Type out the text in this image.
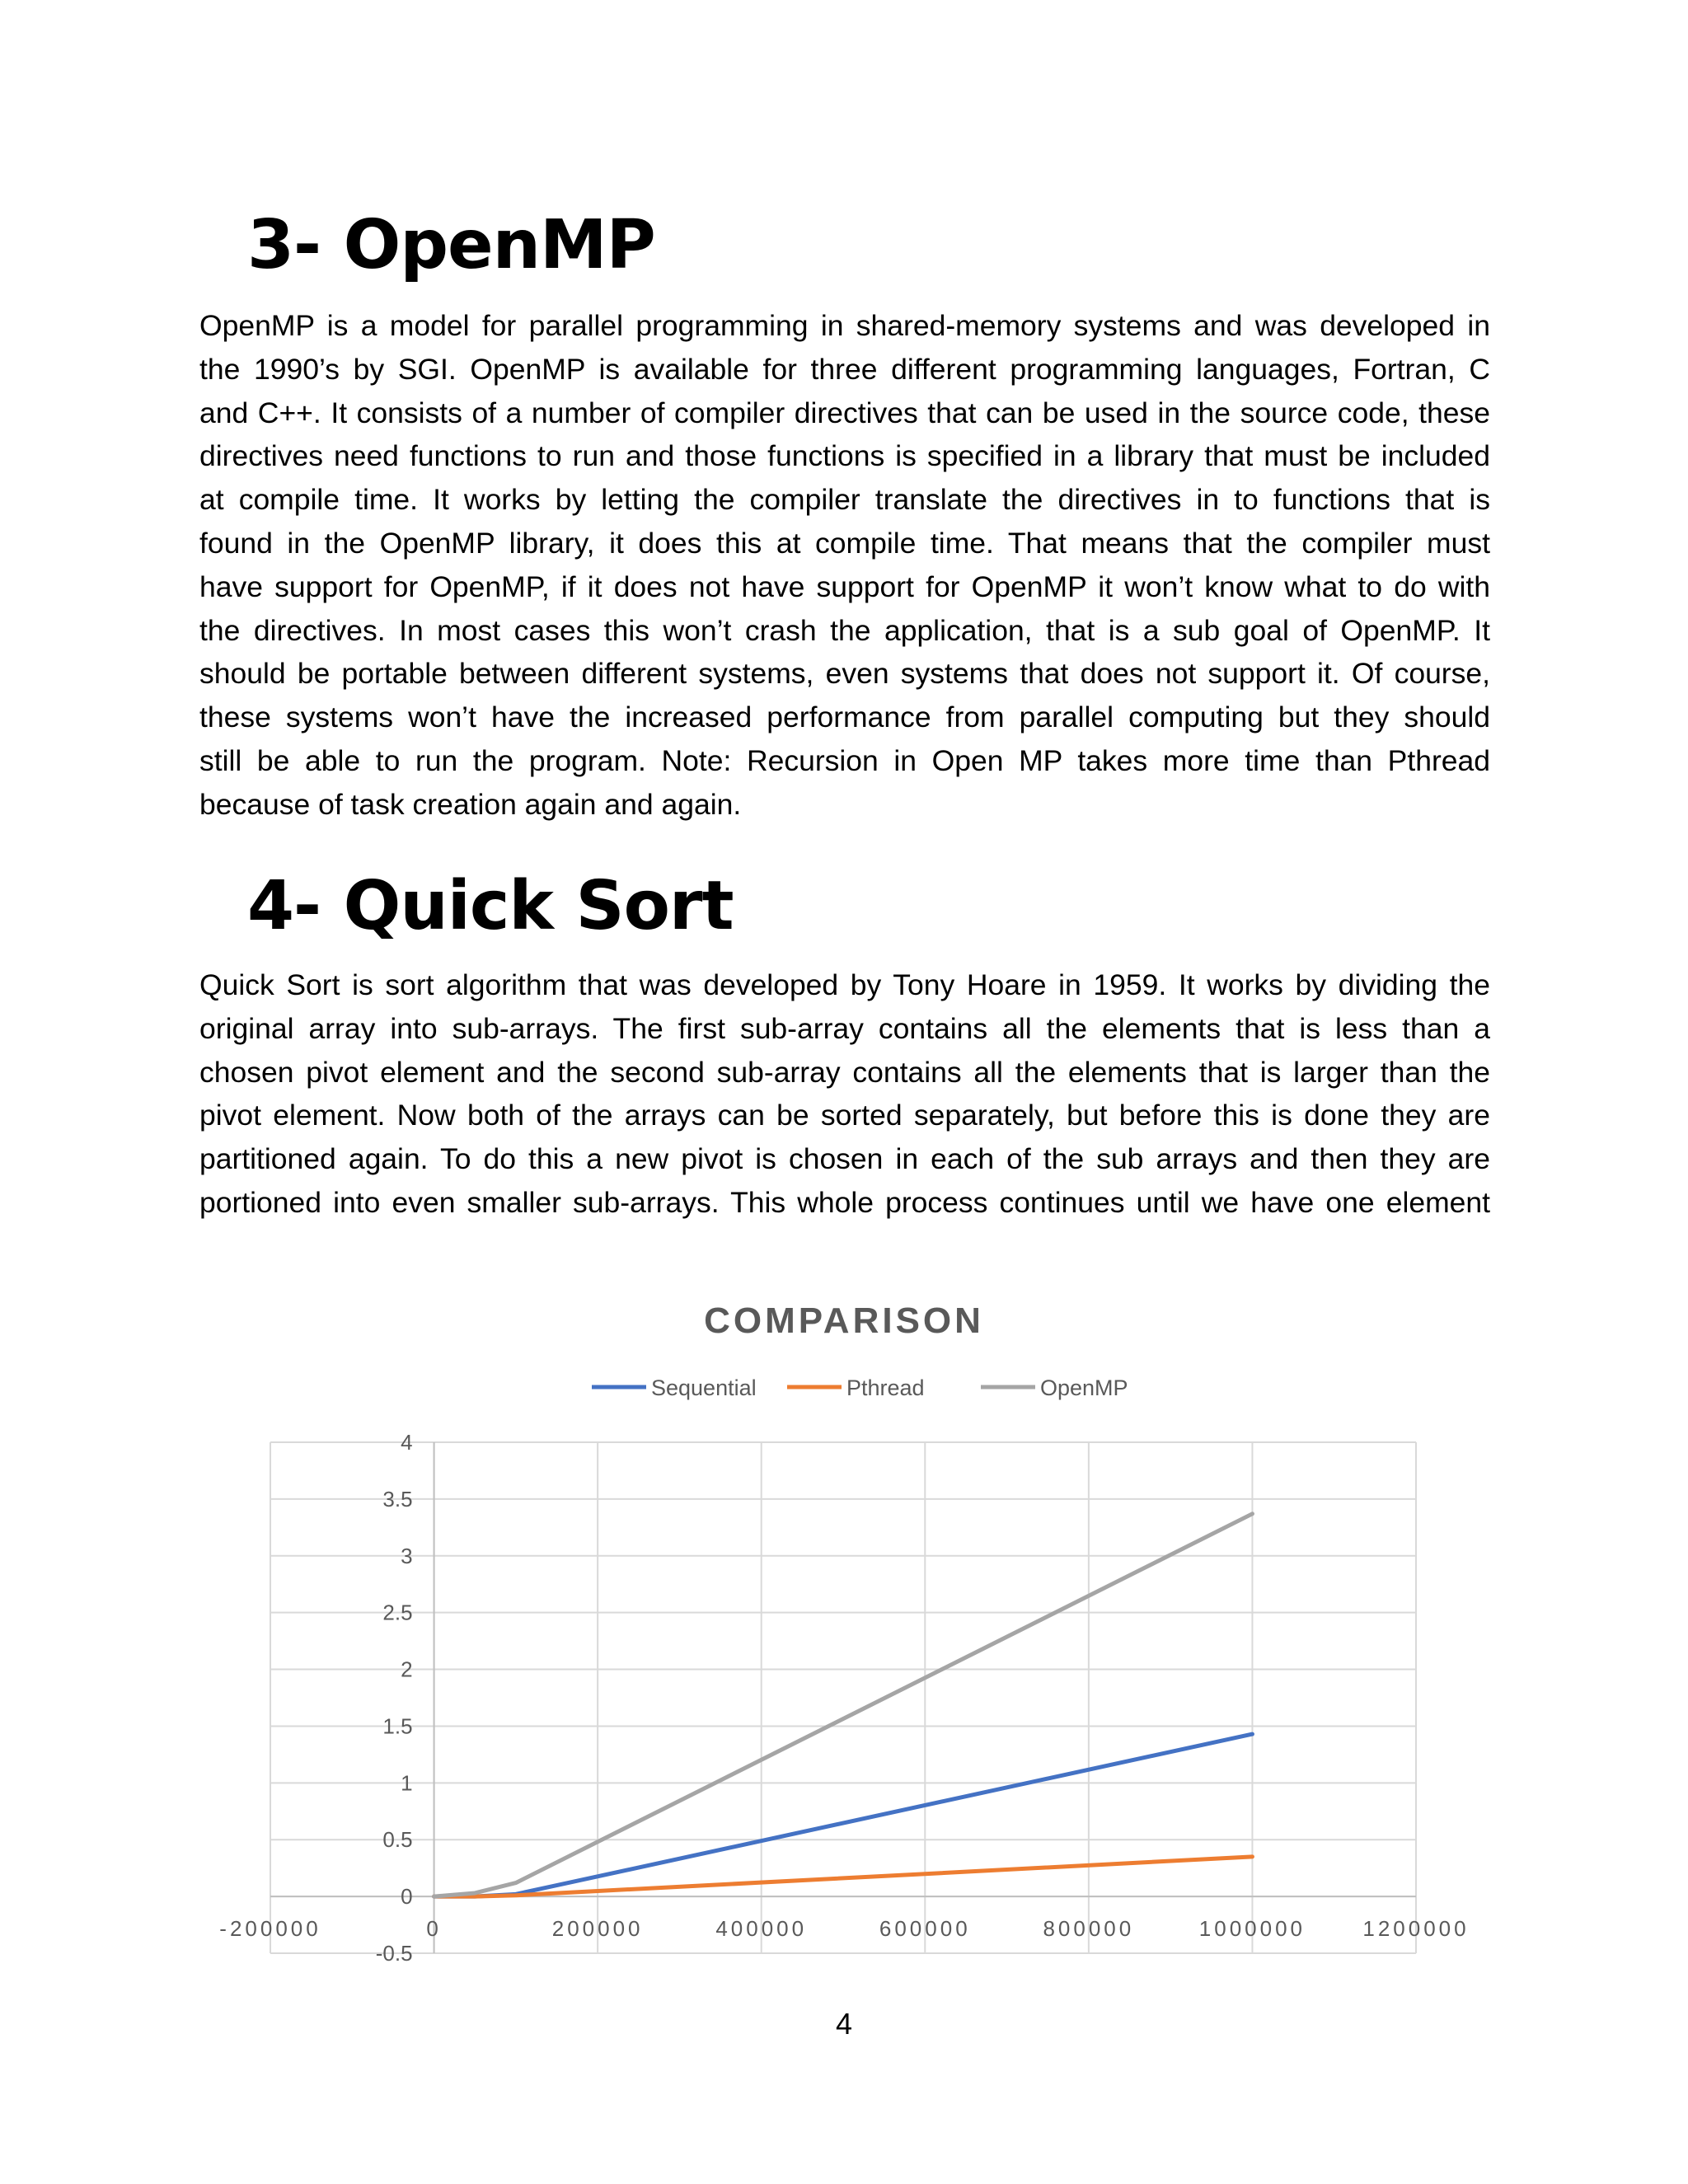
3- OpenMP
OpenMP is a model for parallel programming in shared-memory systems and was developed in
the 1990’s by SGI. OpenMP is available for three different programming languages, Fortran, C
and C++. It consists of a number of compiler directives that can be used in the source code, these
directives need functions to run and those functions is specified in a library that must be included
at compile time. It works by letting the compiler translate the directives in to functions that is
found in the OpenMP library, it does this at compile time. That means that the compiler must
have support for OpenMP, if it does not have support for OpenMP it won’t know what to do with
the directives. In most cases this won’t crash the application, that is a sub goal of OpenMP. It
should be portable between different systems, even systems that does not support it. Of course,
these systems won’t have the increased performance from parallel computing but they should
still be able to run the program. Note: Recursion in Open MP takes more time than Pthread
because of task creation again and again.
4- Quick Sort
Quick Sort is sort algorithm that was developed by Tony Hoare in 1959. It works by dividing the
original array into sub-arrays. The first sub-array contains all the elements that is less than a
chosen pivot element and the second sub-array contains all the elements that is larger than the
pivot element. Now both of the arrays can be sorted separately, but before this is done they are
partitioned again. To do this a new pivot is chosen in each of the sub arrays and then they are
portioned into even smaller sub-arrays. This whole process continues until we have one element
COMPARISON
Sequential	Pthread	OpenMP
-0.5
0
0.5
1
1.5
2
2.5
3
3.5
4
-200000	0	200000	400000	600000	800000	1000000	1200000
4
